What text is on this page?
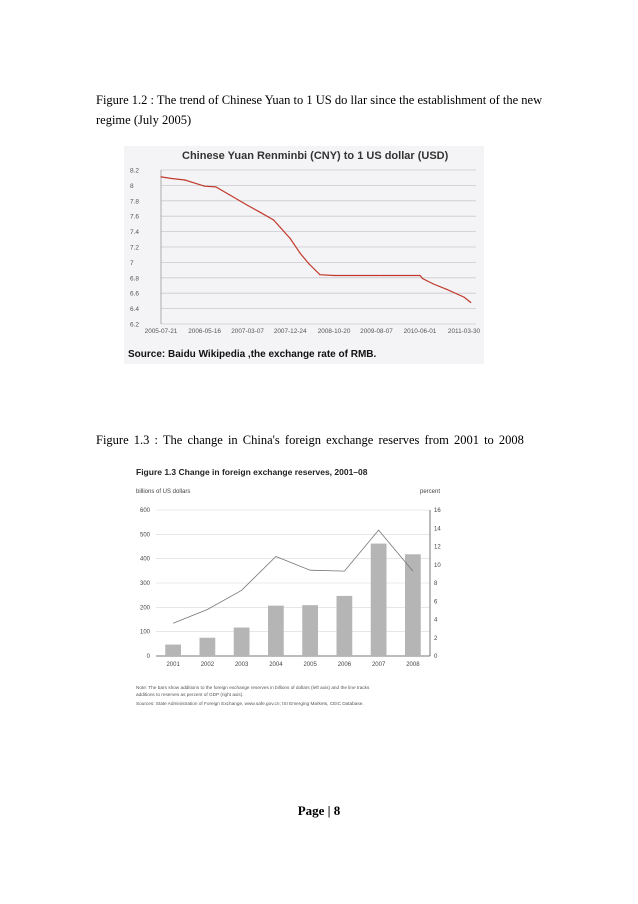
Figure 1.2 : The trend of Chinese Yuan to 1 US do llar since the establishment of the new regime (July 2005)

Chinese Yuan Renminbi (CNY) to 1 US dollar (USD)
6.2
6.4
6.6
6.8
7
7.2
7.4
7.6
7.8
8
8.2
2005-07-21 2006-05-16 2007-03-07 2007-12-24 2008-10-20 2009-08-07 2010-06-01 2011-03-30
Source: Baidu Wikipedia ,the exchange rate of RMB.

Figure 1.3 : The change in China's foreign exchange reserves from 2001 to 2008

Figure 1.3 Change in foreign exchange reserves, 2001–08
billions of US dollars	percent
0
100
200
300
400
500
600
0
2
4
6
8
10
12
14
16
2001	2002	2003	2004	2005	2006	2007	2008
Note: The bars show additions to the foreign exchange reserves in billions of dollars (left axis) and the line tracks
additions to reserves as percent of GDP (right axis).
Sources: State Administration of Foreign Exchange, www.safe.gov.cn; ISI Emerging Markets, CEIC Database.
Page | 8
